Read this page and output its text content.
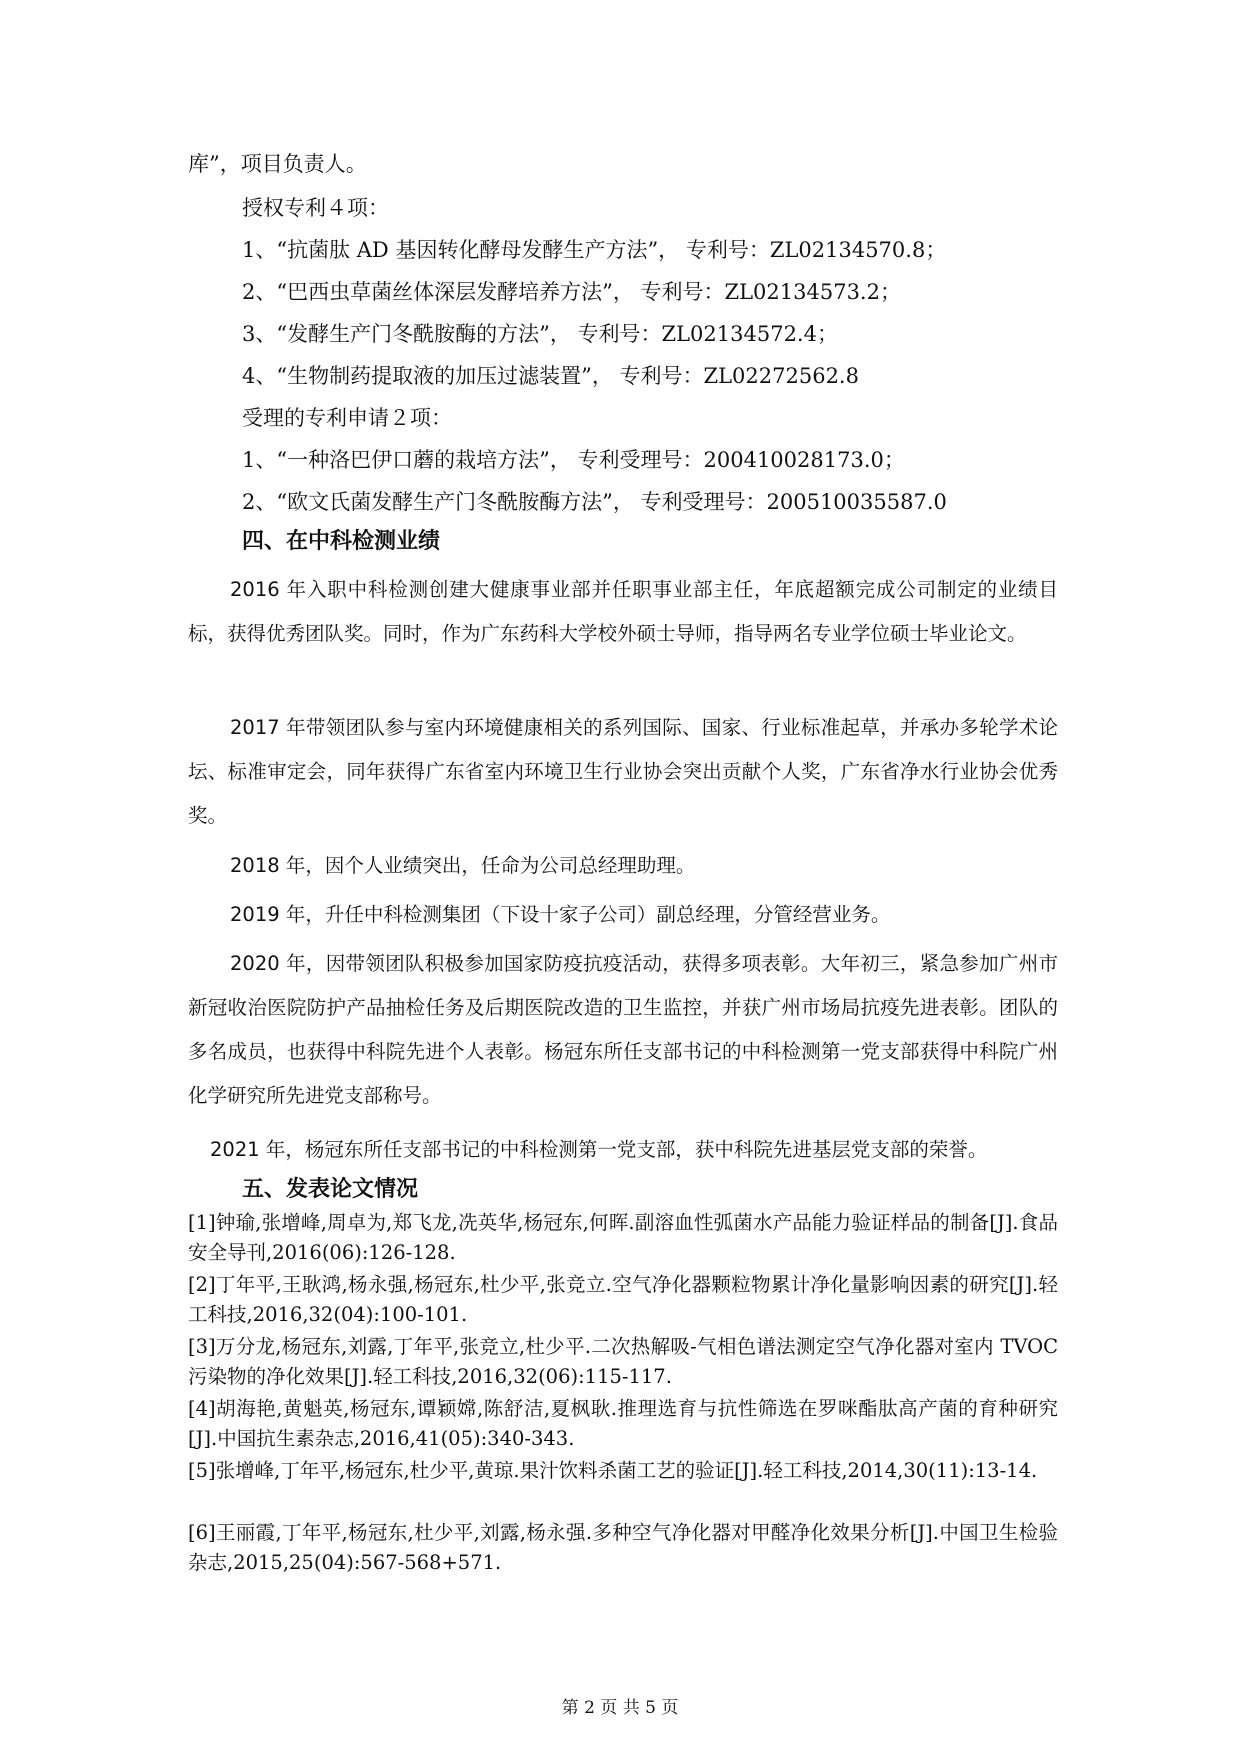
库”，项目负责人。
授权专利４项：
1、“抗菌肽 AD 基因转化酵母发酵生产方法”， 专利号：ZL02134570.8；
2、“巴西虫草菌丝体深层发酵培养方法”， 专利号：ZL02134573.2；
3、“发酵生产门冬酰胺酶的方法”， 专利号：ZL02134572.4；
4、“生物制药提取液的加压过滤装置”， 专利号：ZL02272562.8
受理的专利申请２项：
1、“一种洛巴伊口蘑的栽培方法”， 专利受理号：200410028173.0；
2、“欧文氏菌发酵生产门冬酰胺酶方法”， 专利受理号：200510035587.0
四、在中科检测业绩
2016 年入职中科检测创建大健康事业部并任职事业部主任，年底超额完成公司制定的业绩目标，获得优秀团队奖。同时，作为广东药科大学校外硕士导师，指导两名专业学位硕士毕业论文。
2017 年带领团队参与室内环境健康相关的系列国际、国家、行业标准起草，并承办多轮学术论坛、标准审定会，同年获得广东省室内环境卫生行业协会突出贡献个人奖，广东省净水行业协会优秀奖。
2018 年，因个人业绩突出，任命为公司总经理助理。
2019 年，升任中科检测集团（下设十家子公司）副总经理，分管经营业务。
2020 年，因带领团队积极参加国家防疫抗疫活动，获得多项表彰。大年初三，紧急参加广州市新冠收治医院防护产品抽检任务及后期医院改造的卫生监控，并获广州市场局抗疫先进表彰。团队的多名成员，也获得中科院先进个人表彰。杨冠东所任支部书记的中科检测第一党支部获得中科院广州化学研究所先进党支部称号。
2021 年，杨冠东所任支部书记的中科检测第一党支部，获中科院先进基层党支部的荣誉。
五、发表论文情况
[1]钟瑜,张增峰,周卓为,郑飞龙,冼英华,杨冠东,何晖.副溶血性弧菌水产品能力验证样品的制备[J].食品安全导刊,2016(06):126-128.
[2]丁年平,王耿鸿,杨永强,杨冠东,杜少平,张竞立.空气净化器颗粒物累计净化量影响因素的研究[J].轻工科技,2016,32(04):100-101.
[3]万分龙,杨冠东,刘露,丁年平,张竞立,杜少平.二次热解吸-气相色谱法测定空气净化器对室内 TVOC 污染物的净化效果[J].轻工科技,2016,32(06):115-117.
[4]胡海艳,黄魁英,杨冠东,谭颖嫦,陈舒洁,夏枫耿.推理选育与抗性筛选在罗咪酯肽高产菌的育种研究[J].中国抗生素杂志,2016,41(05):340-343.
[5]张增峰,丁年平,杨冠东,杜少平,黄琼.果汁饮料杀菌工艺的验证[J].轻工科技,2014,30(11):13-14.
[6]王丽霞,丁年平,杨冠东,杜少平,刘露,杨永强.多种空气净化器对甲醛净化效果分析[J].中国卫生检验杂志,2015,25(04):567-568+571.
第 2 页 共 5 页
